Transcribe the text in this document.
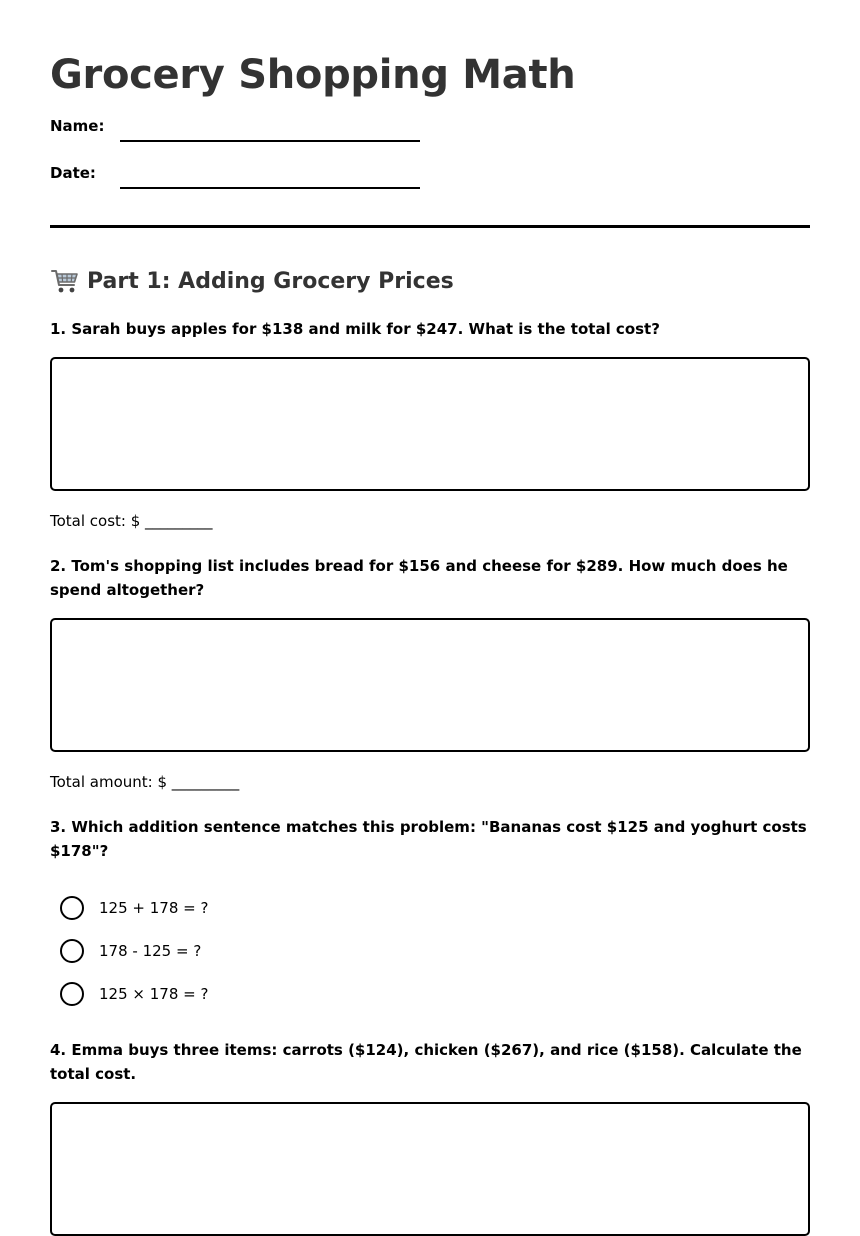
Grocery Shopping Math
Name:
Date:
Part 1: Adding Grocery Prices

1. Sarah buys apples for $138 and milk for $247. What is the total cost?

Total cost: $ _________

2. Tom's shopping list includes bread for $156 and cheese for $289. How much does he spend altogether?

Total amount: $ _________

3. Which addition sentence matches this problem: "Bananas cost $125 and yoghurt costs $178"?

125 + 178 = ?
178 - 125 = ?
125 × 178 = ?

4. Emma buys three items: carrots ($124), chicken ($267), and rice ($158). Calculate the total cost.
